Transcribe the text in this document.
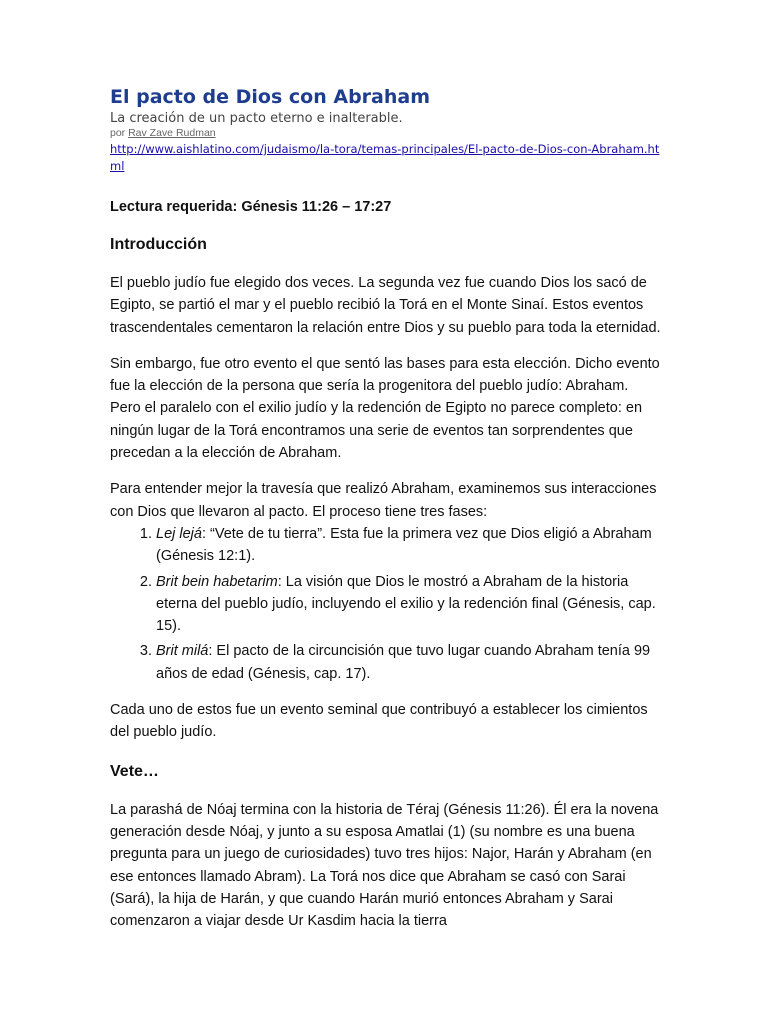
El pacto de Dios con Abraham
La creación de un pacto eterno e inalterable.
por Rav Zave Rudman
http://www.aishlatino.com/judaismo/la-tora/temas-principales/El-pacto-de-Dios-con-Abraham.html
Lectura requerida: Génesis 11:26 – 17:27
Introducción

El pueblo judío fue elegido dos veces. La segunda vez fue cuando Dios los sacó de Egipto, se partió el mar y el pueblo recibió la Torá en el Monte Sinaí. Estos eventos trascendentales cementaron la relación entre Dios y su pueblo para toda la eternidad.

Sin embargo, fue otro evento el que sentó las bases para esta elección. Dicho evento fue la elección de la persona que sería la progenitora del pueblo judío: Abraham. Pero el paralelo con el exilio judío y la redención de Egipto no parece completo: en ningún lugar de la Torá encontramos una serie de eventos tan sorprendentes que precedan a la elección de Abraham.

Para entender mejor la travesía que realizó Abraham, examinemos sus interacciones con Dios que llevaron al pacto. El proceso tiene tres fases:

1. Lej lejá: “Vete de tu tierra”. Esta fue la primera vez que Dios eligió a Abraham (Génesis 12:1).
2. Brit bein habetarim: La visión que Dios le mostró a Abraham de la historia eterna del pueblo judío, incluyendo el exilio y la redención final (Génesis, cap. 15).
3. Brit milá: El pacto de la circuncisión que tuvo lugar cuando Abraham tenía 99 años de edad (Génesis, cap. 17).

Cada uno de estos fue un evento seminal que contribuyó a establecer los cimientos del pueblo judío.

Vete…

La parashá de Nóaj termina con la historia de Téraj (Génesis 11:26). Él era la novena generación desde Nóaj, y junto a su esposa Amatlai (1) (su nombre es una buena pregunta para un juego de curiosidades) tuvo tres hijos: Najor, Harán y Abraham (en ese entonces llamado Abram). La Torá nos dice que Abraham se casó con Sarai (Sará), la hija de Harán, y que cuando Harán murió entonces Abraham y Sarai comenzaron a viajar desde Ur Kasdim hacia la tierra
